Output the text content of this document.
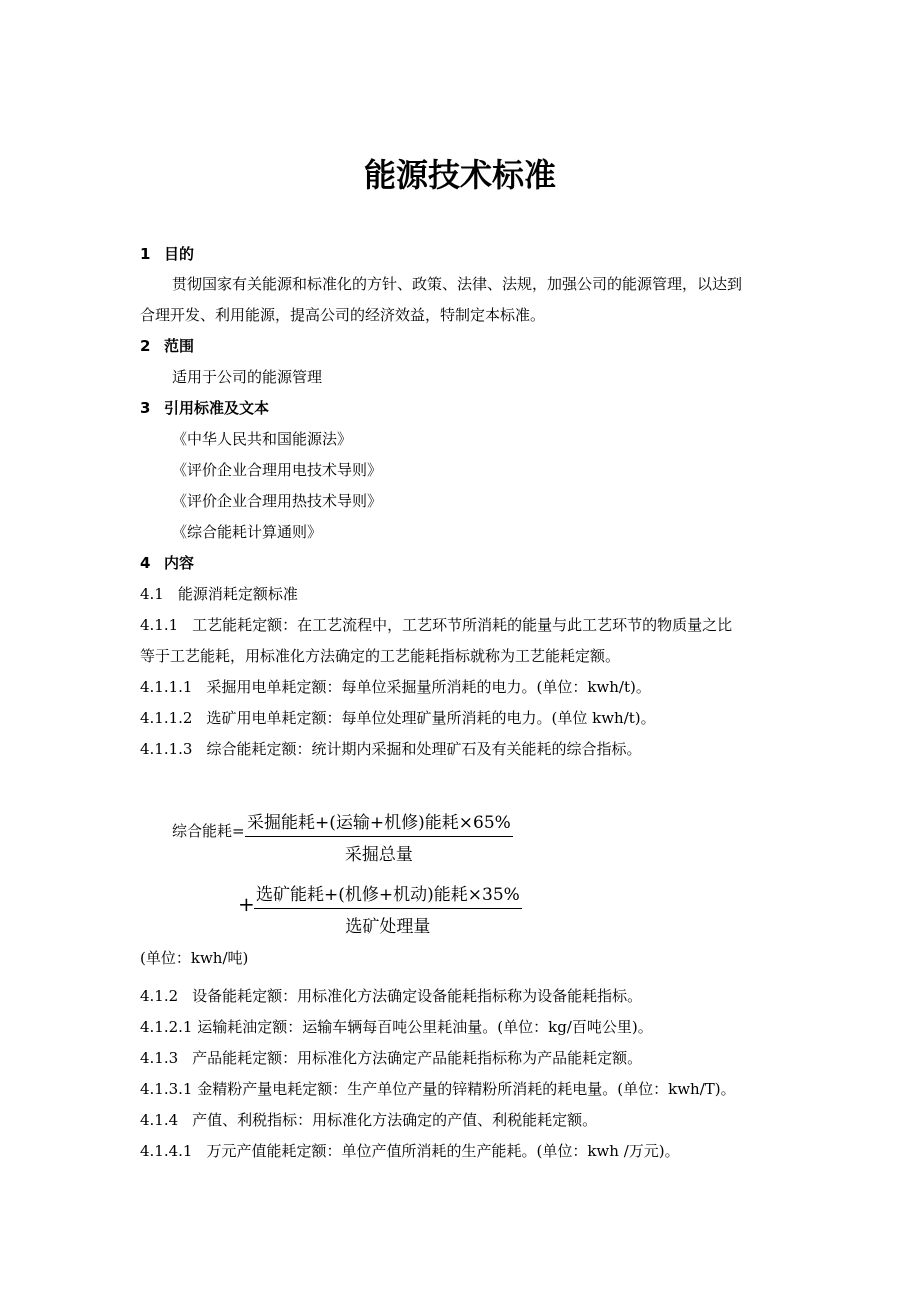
能源技术标准
1 目的
贯彻国家有关能源和标准化的方针、政策、法律、法规，加强公司的能源管理，以达到
合理开发、利用能源，提高公司的经济效益，特制定本标准。
2 范围
适用于公司的能源管理
3 引用标准及文本
《中华人民共和国能源法》
《评价企业合理用电技术导则》
《评价企业合理用热技术导则》
《综合能耗计算通则》
4 内容
4.1 能源消耗定额标准
4.1.1 工艺能耗定额：在工艺流程中，工艺环节所消耗的能量与此工艺环节的物质量之比
等于工艺能耗，用标准化方法确定的工艺能耗指标就称为工艺能耗定额。
4.1.1.1 采掘用电单耗定额：每单位采掘量所消耗的电力。(单位：kwh/t)。
4.1.1.2 选矿用电单耗定额：每单位处理矿量所消耗的电力。(单位 kwh/t)。
4.1.1.3 综合能耗定额：统计期内采掘和处理矿石及有关能耗的综合指标。
综合能耗= 采掘能耗+(运输+机修)能耗×65%
采掘总量
+ 选矿能耗+(机修+机动)能耗×35%
选矿处理量
(单位：kwh/吨)
4.1.2 设备能耗定额：用标准化方法确定设备能耗指标称为设备能耗指标。
4.1.2.1 运输耗油定额：运输车辆每百吨公里耗油量。(单位：kg/百吨公里)。
4.1.3 产品能耗定额：用标准化方法确定产品能耗指标称为产品能耗定额。
4.1.3.1 金精粉产量电耗定额：生产单位产量的锌精粉所消耗的耗电量。(单位：kwh/T)。
4.1.4 产值、利税指标：用标准化方法确定的产值、利税能耗定额。
4.1.4.1 万元产值能耗定额：单位产值所消耗的生产能耗。(单位：kwh /万元)。
